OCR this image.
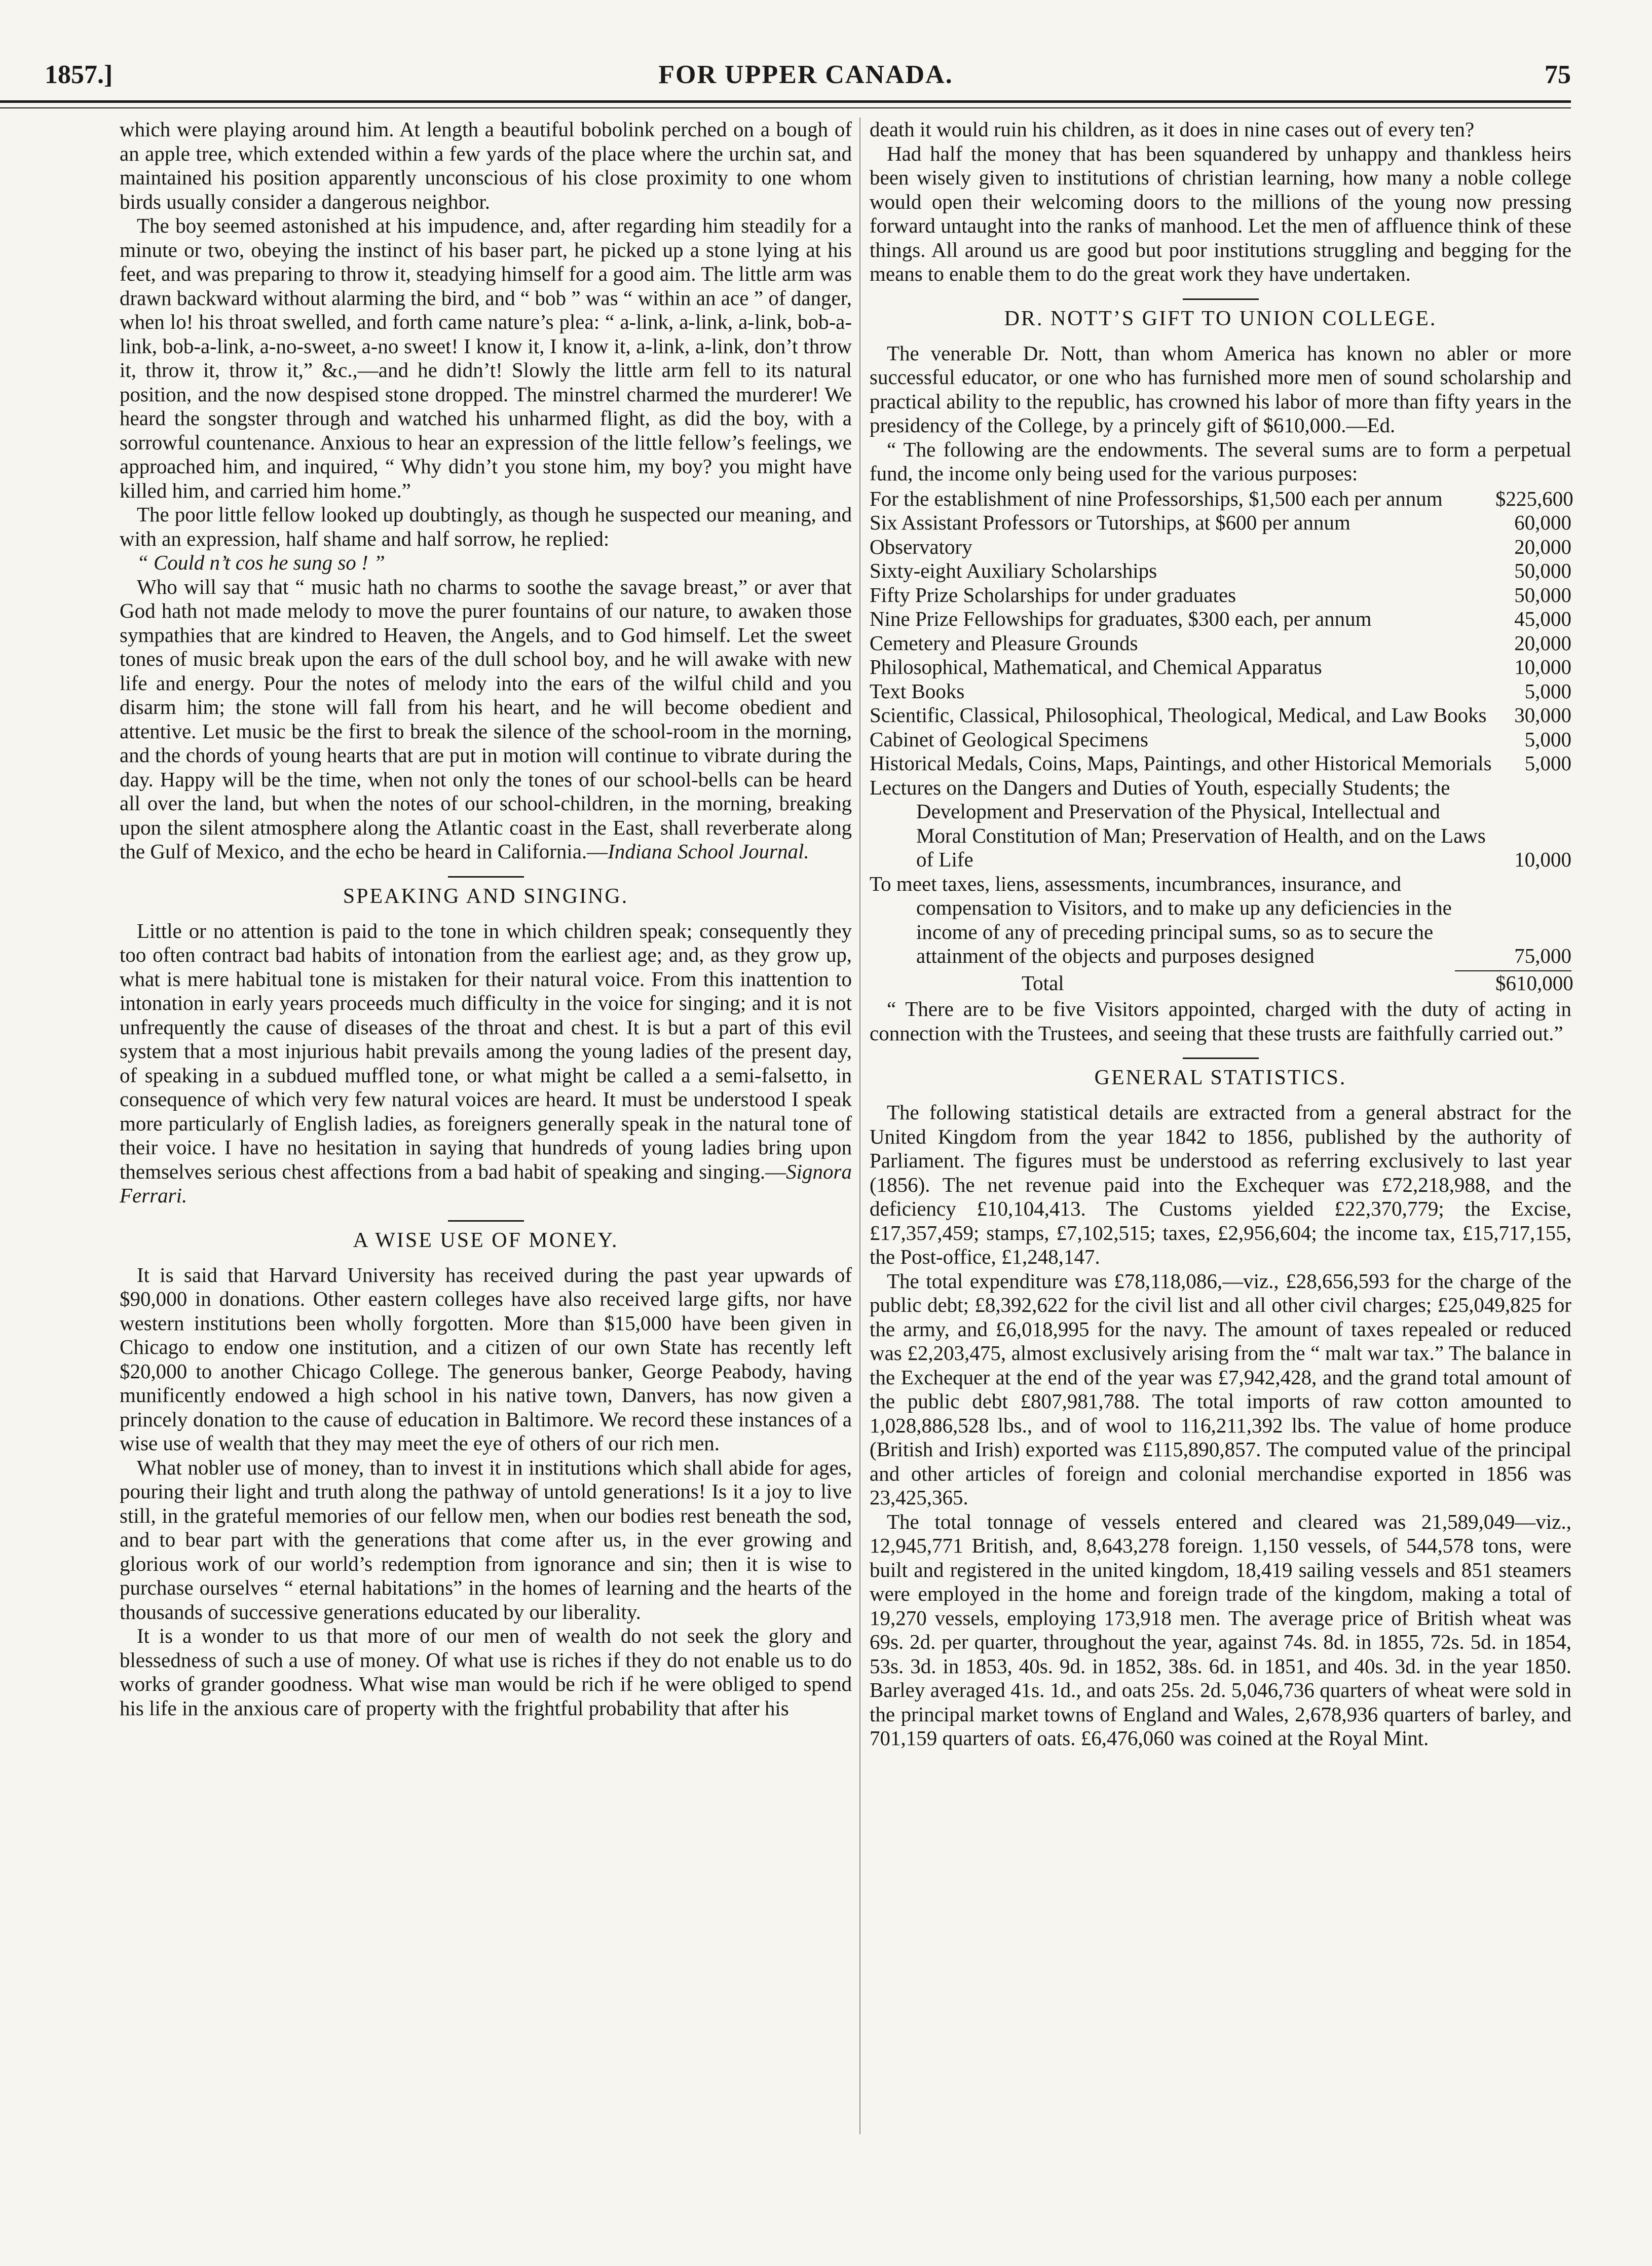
1857.]	FOR UPPER CANADA.	75

which were playing around him. At length a beautiful bobolink perched on a bough of an apple tree, which extended within a few yards of the place where the urchin sat, and maintained his position apparently unconscious of his close proximity to one whom birds usually consider a dangerous neighbor.

The boy seemed astonished at his impudence, and, after regarding him steadily for a minute or two, obeying the instinct of his baser part, he picked up a stone lying at his feet, and was preparing to throw it, steadying himself for a good aim. The little arm was drawn backward without alarming the bird, and “ bob ” was “ within an ace ” of danger, when lo! his throat swelled, and forth came nature’s plea: “ a-link, a-link, a-link, bob-a-link, bob-a-link, a-no-sweet, a-no sweet! I know it, I know it, a-link, a-link, don’t throw it, throw it, throw it,” &c.,—and he didn’t! Slowly the little arm fell to its natural position, and the now despised stone dropped. The minstrel charmed the murderer! We heard the songster through and watched his unharmed flight, as did the boy, with a sorrowful countenance. Anxious to hear an expression of the little fellow’s feelings, we approached him, and inquired, “ Why didn’t you stone him, my boy? you might have killed him, and carried him home.”

The poor little fellow looked up doubtingly, as though he suspected our meaning, and with an expression, half shame and half sorrow, he replied:

“ Could n’t cos he sung so ! ”

Who will say that “ music hath no charms to soothe the savage breast,” or aver that God hath not made melody to move the purer fountains of our nature, to awaken those sympathies that are kindred to Heaven, the Angels, and to God himself. Let the sweet tones of music break upon the ears of the dull school boy, and he will awake with new life and energy. Pour the notes of melody into the ears of the wilful child and you disarm him; the stone will fall from his heart, and he will become obedient and attentive. Let music be the first to break the silence of the school-room in the morning, and the chords of young hearts that are put in motion will continue to vibrate during the day. Happy will be the time, when not only the tones of our school-bells can be heard all over the land, but when the notes of our school-children, in the morning, breaking upon the silent atmosphere along the Atlantic coast in the East, shall reverberate along the Gulf of Mexico, and the echo be heard in California.—Indiana School Journal.

SPEAKING AND SINGING.

Little or no attention is paid to the tone in which children speak; consequently they too often contract bad habits of intonation from the earliest age; and, as they grow up, what is mere habitual tone is mistaken for their natural voice. From this inattention to intonation in early years proceeds much difficulty in the voice for singing; and it is not unfrequently the cause of diseases of the throat and chest. It is but a part of this evil system that a most injurious habit prevails among the young ladies of the present day, of speaking in a subdued muffled tone, or what might be called a a semi-falsetto, in consequence of which very few natural voices are heard. It must be understood I speak more particularly of English ladies, as foreigners generally speak in the natural tone of their voice. I have no hesitation in saying that hundreds of young ladies bring upon themselves serious chest affections from a bad habit of speaking and singing.—Signora Ferrari.

A WISE USE OF MONEY.

It is said that Harvard University has received during the past year upwards of $90,000 in donations. Other eastern colleges have also received large gifts, nor have western institutions been wholly forgotten. More than $15,000 have been given in Chicago to endow one institution, and a citizen of our own State has recently left $20,000 to another Chicago College. The generous banker, George Peabody, having munificently endowed a high school in his native town, Danvers, has now given a princely donation to the cause of education in Baltimore. We record these instances of a wise use of wealth that they may meet the eye of others of our rich men.

What nobler use of money, than to invest it in institutions which shall abide for ages, pouring their light and truth along the pathway of untold generations! Is it a joy to live still, in the grateful memories of our fellow men, when our bodies rest beneath the sod, and to bear part with the generations that come after us, in the ever growing and glorious work of our world’s redemption from ignorance and sin; then it is wise to purchase ourselves “ eternal habitations” in the homes of learning and the hearts of the thousands of successive generations educated by our liberality.

It is a wonder to us that more of our men of wealth do not seek the glory and blessedness of such a use of money. Of what use is riches if they do not enable us to do works of grander goodness. What wise man would be rich if he were obliged to spend his life in the anxious care of property with the frightful probability that after his

death it would ruin his children, as it does in nine cases out of every ten?

Had half the money that has been squandered by unhappy and thankless heirs been wisely given to institutions of christian learning, how many a noble college would open their welcoming doors to the millions of the young now pressing forward untaught into the ranks of manhood. Let the men of affluence think of these things. All around us are good but poor institutions struggling and begging for the means to enable them to do the great work they have undertaken.

DR. NOTT’S GIFT TO UNION COLLEGE.

The venerable Dr. Nott, than whom America has known no abler or more successful educator, or one who has furnished more men of sound scholarship and practical ability to the republic, has crowned his labor of more than fifty years in the presidency of the College, by a princely gift of $610,000.—Ed.

“ The following are the endowments. The several sums are to form a perpetual fund, the income only being used for the various purposes:

For the establishment of nine Professorships, $1,500 each per annum	$225,600
Six Assistant Professors or Tutorships, at $600 per annum	60,000
Observatory	20,000
Sixty-eight Auxiliary Scholarships	50,000
Fifty Prize Scholarships for under graduates	50,000
Nine Prize Fellowships for graduates, $300 each, per annum	45,000
Cemetery and Pleasure Grounds	20,000
Philosophical, Mathematical, and Chemical Apparatus	10,000
Text Books	5,000
Scientific, Classical, Philosophical, Theological, Medical, and Law Books	30,000
Cabinet of Geological Specimens	5,000
Historical Medals, Coins, Maps, Paintings, and other Historical Memorials	5,000
Lectures on the Dangers and Duties of Youth, especially Students; the Development and Preservation of the Physical, Intellectual and Moral Constitution of Man; Preservation of Health, and on the Laws of Life	10,000
To meet taxes, liens, assessments, incumbrances, insurance, and compensation to Visitors, and to make up any deficiencies in the income of any of preceding principal sums, so as to secure the attainment of the objects and purposes designed	75,000
Total	$610,000

“ There are to be five Visitors appointed, charged with the duty of acting in connection with the Trustees, and seeing that these trusts are faithfully carried out.”

GENERAL STATISTICS.

The following statistical details are extracted from a general abstract for the United Kingdom from the year 1842 to 1856, published by the authority of Parliament. The figures must be understood as referring exclusively to last year (1856). The net revenue paid into the Exchequer was £72,218,988, and the deficiency £10,104,413. The Customs yielded £22,370,779; the Excise, £17,357,459; stamps, £7,102,515; taxes, £2,956,604; the income tax, £15,717,155, the Post-office, £1,248,147.

The total expenditure was £78,118,086,—viz., £28,656,593 for the charge of the public debt; £8,392,622 for the civil list and all other civil charges; £25,049,825 for the army, and £6,018,995 for the navy. The amount of taxes repealed or reduced was £2,203,475, almost exclusively arising from the “ malt war tax.” The balance in the Exchequer at the end of the year was £7,942,428, and the grand total amount of the public debt £807,981,788. The total imports of raw cotton amounted to 1,028,886,528 lbs., and of wool to 116,211,392 lbs. The value of home produce (British and Irish) exported was £115,890,857. The computed value of the principal and other articles of foreign and colonial merchandise exported in 1856 was 23,425,365.

The total tonnage of vessels entered and cleared was 21,589,049—viz., 12,945,771 British, and, 8,643,278 foreign. 1,150 vessels, of 544,578 tons, were built and registered in the united kingdom, 18,419 sailing vessels and 851 steamers were employed in the home and foreign trade of the kingdom, making a total of 19,270 vessels, employing 173,918 men. The average price of British wheat was 69s. 2d. per quarter, throughout the year, against 74s. 8d. in 1855, 72s. 5d. in 1854, 53s. 3d. in 1853, 40s. 9d. in 1852, 38s. 6d. in 1851, and 40s. 3d. in the year 1850. Barley averaged 41s. 1d., and oats 25s. 2d. 5,046,736 quarters of wheat were sold in the principal market towns of England and Wales, 2,678,936 quarters of barley, and 701,159 quarters of oats. £6,476,060 was coined at the Royal Mint.
